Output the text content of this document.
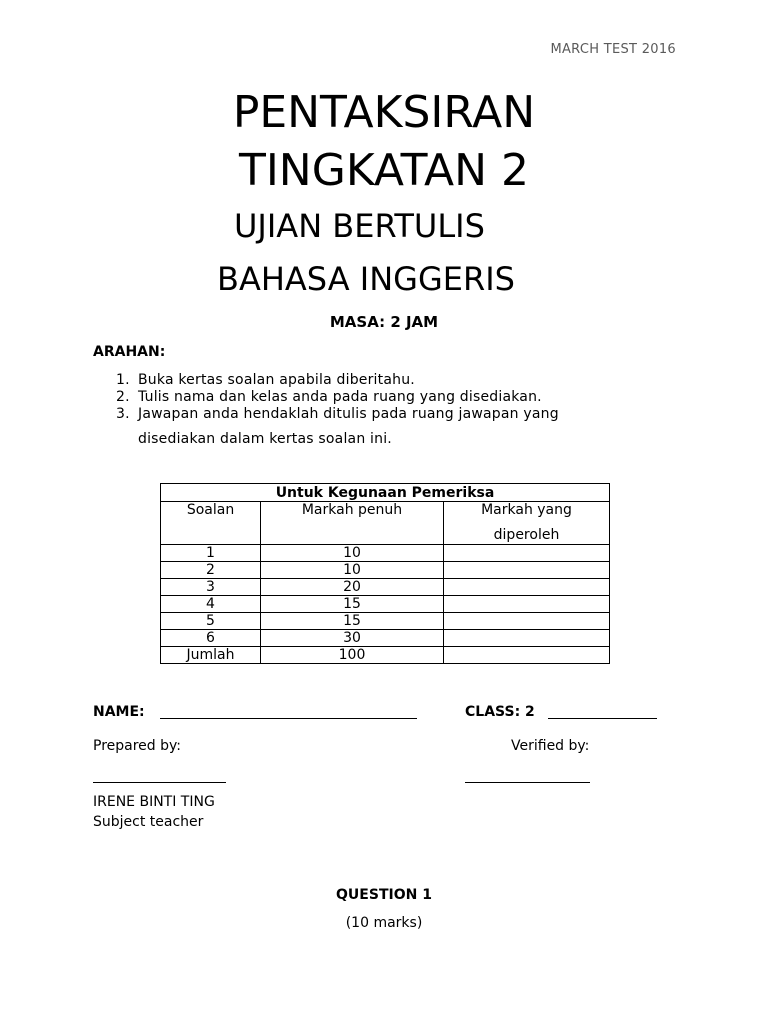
MARCH TEST 2016
PENTAKSIRAN
TINGKATAN 2
UJIAN BERTULIS
BAHASA INGGERIS
MASA: 2 JAM
ARAHAN:
1. Buka kertas soalan apabila diberitahu.
2. Tulis nama dan kelas anda pada ruang yang disediakan.
3. Jawapan anda hendaklah ditulis pada ruang jawapan yang
disediakan dalam kertas soalan ini.
Untuk Kegunaan Pemeriksa		
Soalan	Markah penuh	Markah yang
diperoleh

1	10	
2	10	
3	20	
4	15	
5	15	
6	30	
Jumlah	100	
NAME:	CLASS: 2
Prepared by:	Verified by:
IRENE BINTI TING
Subject teacher
QUESTION 1
(10 marks)
